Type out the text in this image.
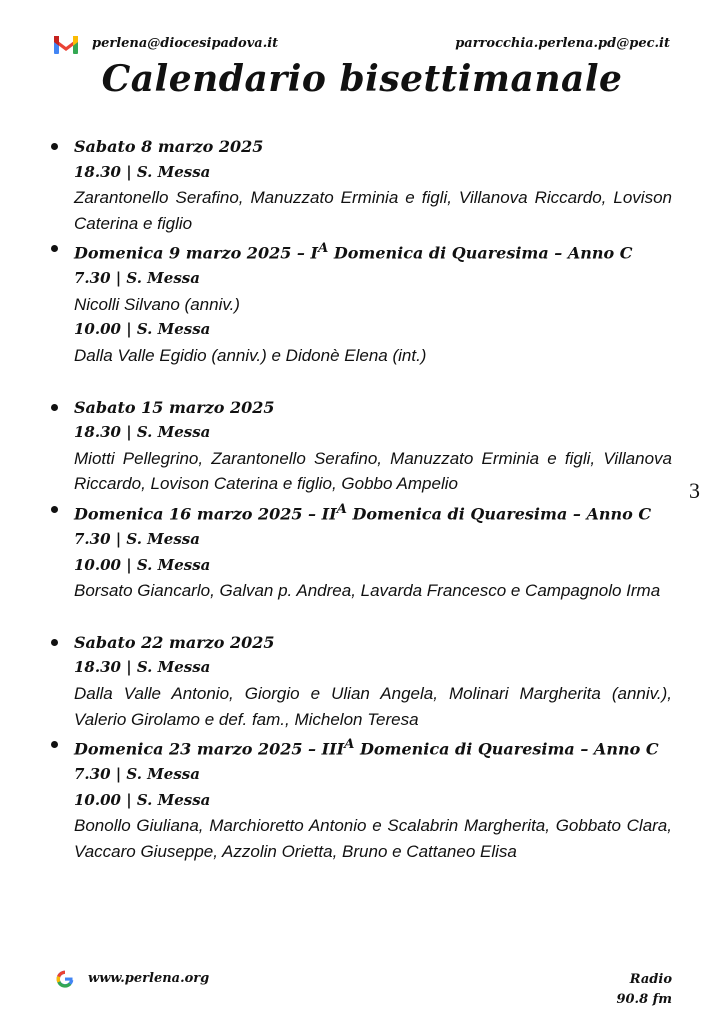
perlena@diocesipadova.it	parrocchia.perlena.pd@pec.it
Calendario bisettimanale
3
Sabato 8 marzo 2025
18.30 | S. Messa
Zarantonello Serafino, Manuzzato Erminia e figli, Villanova Riccardo, Lovison Caterina e figlio
Domenica 9 marzo $2025 - I^A$ Domenica di Quaresima – Anno C
7.30 | S. Messa
Nicolli Silvano (anniv.)
10.00 | S. Messa
Dalla Valle Egidio (anniv.) e Didonè Elena (int.)
Sabato 15 marzo 2025
18.30 | S. Messa
Miotti Pellegrino, Zarantonello Serafino, Manuzzato Erminia e figli, Villanova Riccardo, Lovison Caterina e figlio, Gobbo Ampelio
Domenica 16 marzo $2025 - II^A$ Domenica di Quaresima – Anno C
7.30 | S. Messa
10.00 | S. Messa
Borsato Giancarlo, Galvan p. Andrea, Lavarda Francesco e Campagnolo Irma
Sabato 22 marzo 2025
18.30 | S. Messa
Dalla Valle Antonio, Giorgio e Ulian Angela, Molinari Margherita (anniv.), Valerio Girolamo e def. fam., Michelon Teresa
Domenica 23 marzo $2025 - III^A$ Domenica di Quaresima – Anno C
7.30 | S. Messa
10.00 | S. Messa
Bonollo Giuliana, Marchioretto Antonio e Scalabrin Margherita, Gobbato Clara, Vaccaro Giuseppe, Azzolin Orietta, Bruno e Cattaneo Elisa
www.perlena.org	Radio
90.8 fm
